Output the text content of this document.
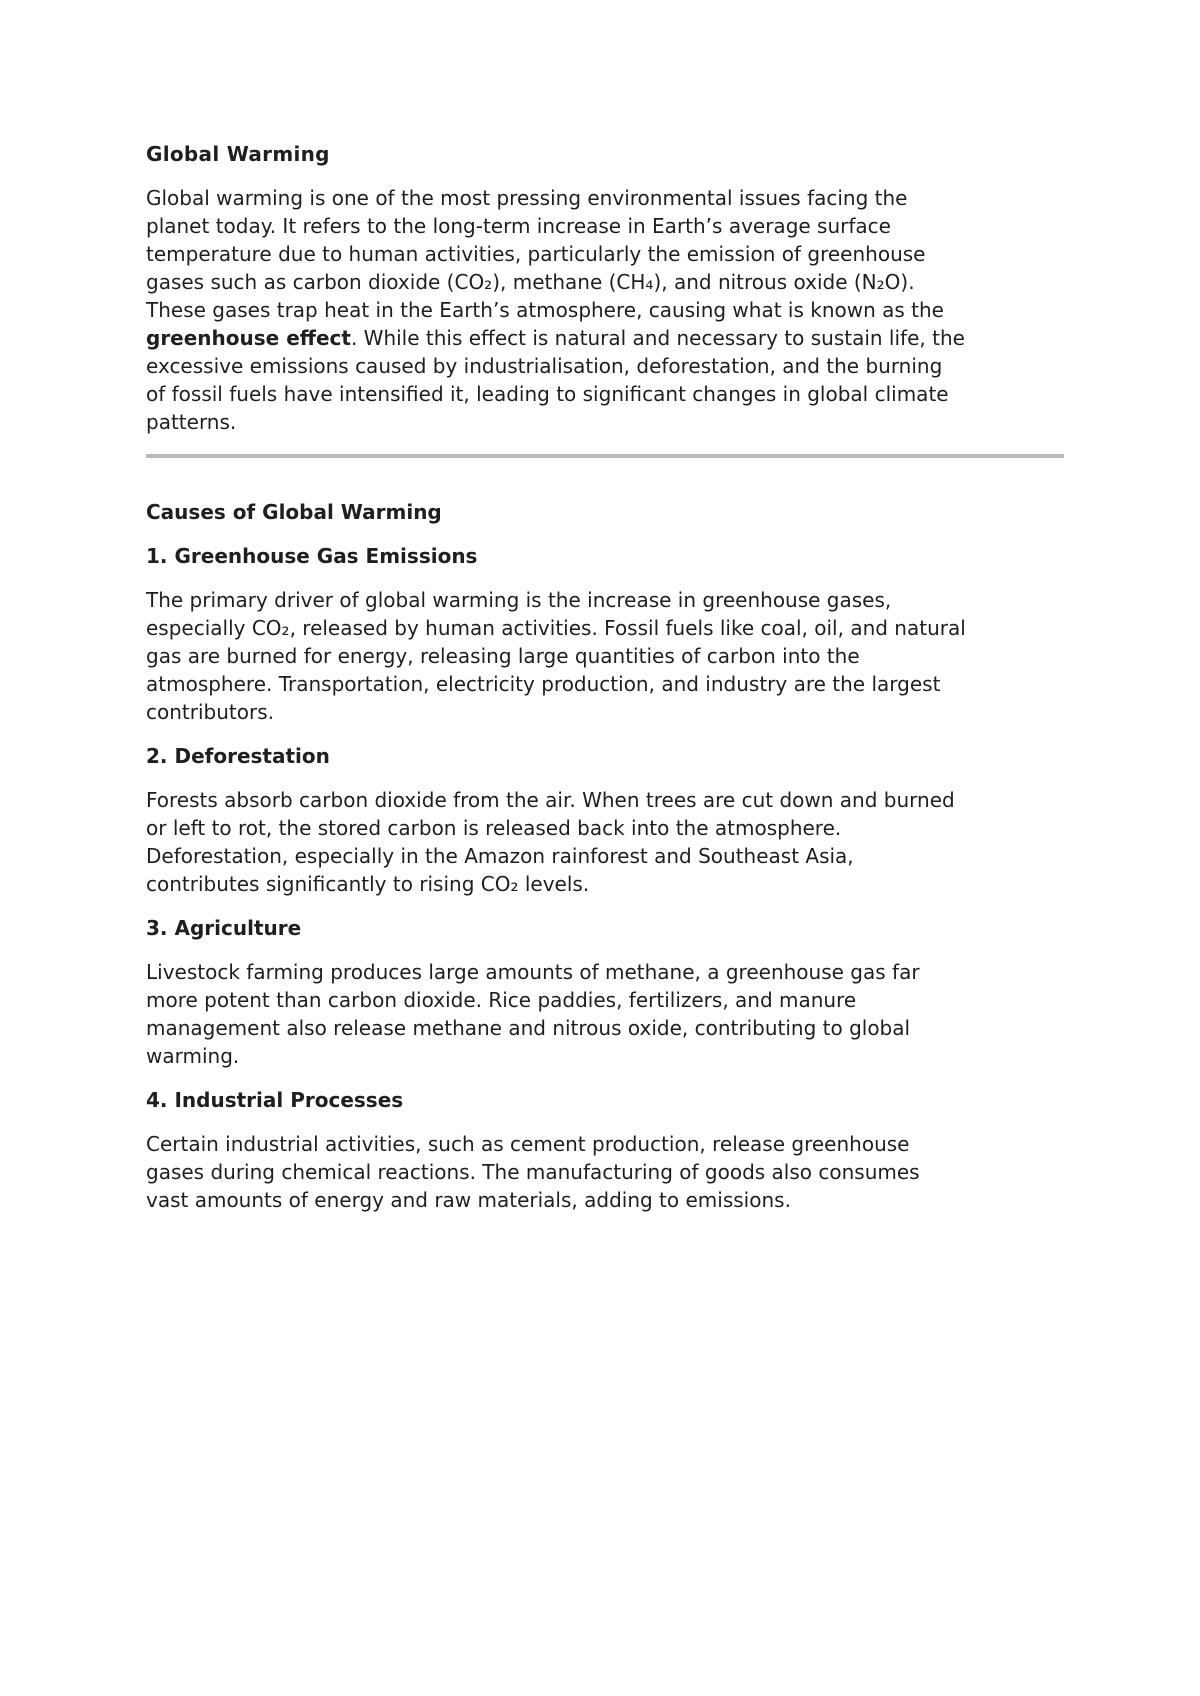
Global Warming

Global warming is one of the most pressing environmental issues facing the
planet today. It refers to the long-term increase in Earth’s average surface
temperature due to human activities, particularly the emission of greenhouse
gases such as carbon dioxide (CO₂), methane (CH₄), and nitrous oxide (N₂O).
These gases trap heat in the Earth’s atmosphere, causing what is known as the
greenhouse effect. While this effect is natural and necessary to sustain life, the
excessive emissions caused by industrialisation, deforestation, and the burning
of fossil fuels have intensified it, leading to significant changes in global climate
patterns.

Causes of Global Warming
1. Greenhouse Gas Emissions

The primary driver of global warming is the increase in greenhouse gases,
especially CO₂, released by human activities. Fossil fuels like coal, oil, and natural
gas are burned for energy, releasing large quantities of carbon into the
atmosphere. Transportation, electricity production, and industry are the largest
contributors.

2. Deforestation

Forests absorb carbon dioxide from the air. When trees are cut down and burned
or left to rot, the stored carbon is released back into the atmosphere.
Deforestation, especially in the Amazon rainforest and Southeast Asia,
contributes significantly to rising CO₂ levels.

3. Agriculture

Livestock farming produces large amounts of methane, a greenhouse gas far
more potent than carbon dioxide. Rice paddies, fertilizers, and manure
management also release methane and nitrous oxide, contributing to global
warming.

4. Industrial Processes

Certain industrial activities, such as cement production, release greenhouse
gases during chemical reactions. The manufacturing of goods also consumes
vast amounts of energy and raw materials, adding to emissions.
